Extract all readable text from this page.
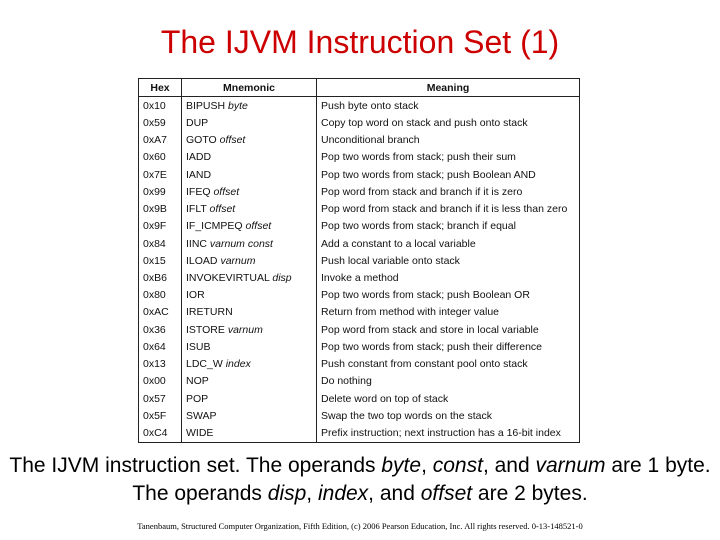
The IJVM Instruction Set (1)
Hex	Mnemonic	Meaning
0x10	BIPUSH byte	Push byte onto stack
0x59	DUP	Copy top word on stack and push onto stack
0xA7	GOTO offset	Unconditional branch
0x60	IADD	Pop two words from stack; push their sum
0x7E	IAND	Pop two words from stack; push Boolean AND
0x99	IFEQ offset	Pop word from stack and branch if it is zero
0x9B	IFLT offset	Pop word from stack and branch if it is less than zero
0x9F	IF_ICMPEQ offset	Pop two words from stack; branch if equal
0x84	IINC varnum const	Add a constant to a local variable
0x15	ILOAD varnum	Push local variable onto stack
0xB6	INVOKEVIRTUAL disp	Invoke a method
0x80	IOR	Pop two words from stack; push Boolean OR
0xAC	IRETURN	Return from method with integer value
0x36	ISTORE varnum	Pop word from stack and store in local variable
0x64	ISUB	Pop two words from stack; push their difference
0x13	LDC_W index	Push constant from constant pool onto stack
0x00	NOP	Do nothing
0x57	POP	Delete word on top of stack
0x5F	SWAP	Swap the two top words on the stack
0xC4	WIDE	Prefix instruction; next instruction has a 16-bit index
The IJVM instruction set. The operands byte, const, and varnum are 1 byte. The operands disp, index, and offset are 2 bytes.
Tanenbaum, Structured Computer Organization, Fifth Edition, (c) 2006 Pearson Education, Inc. All rights reserved. 0-13-148521-0
